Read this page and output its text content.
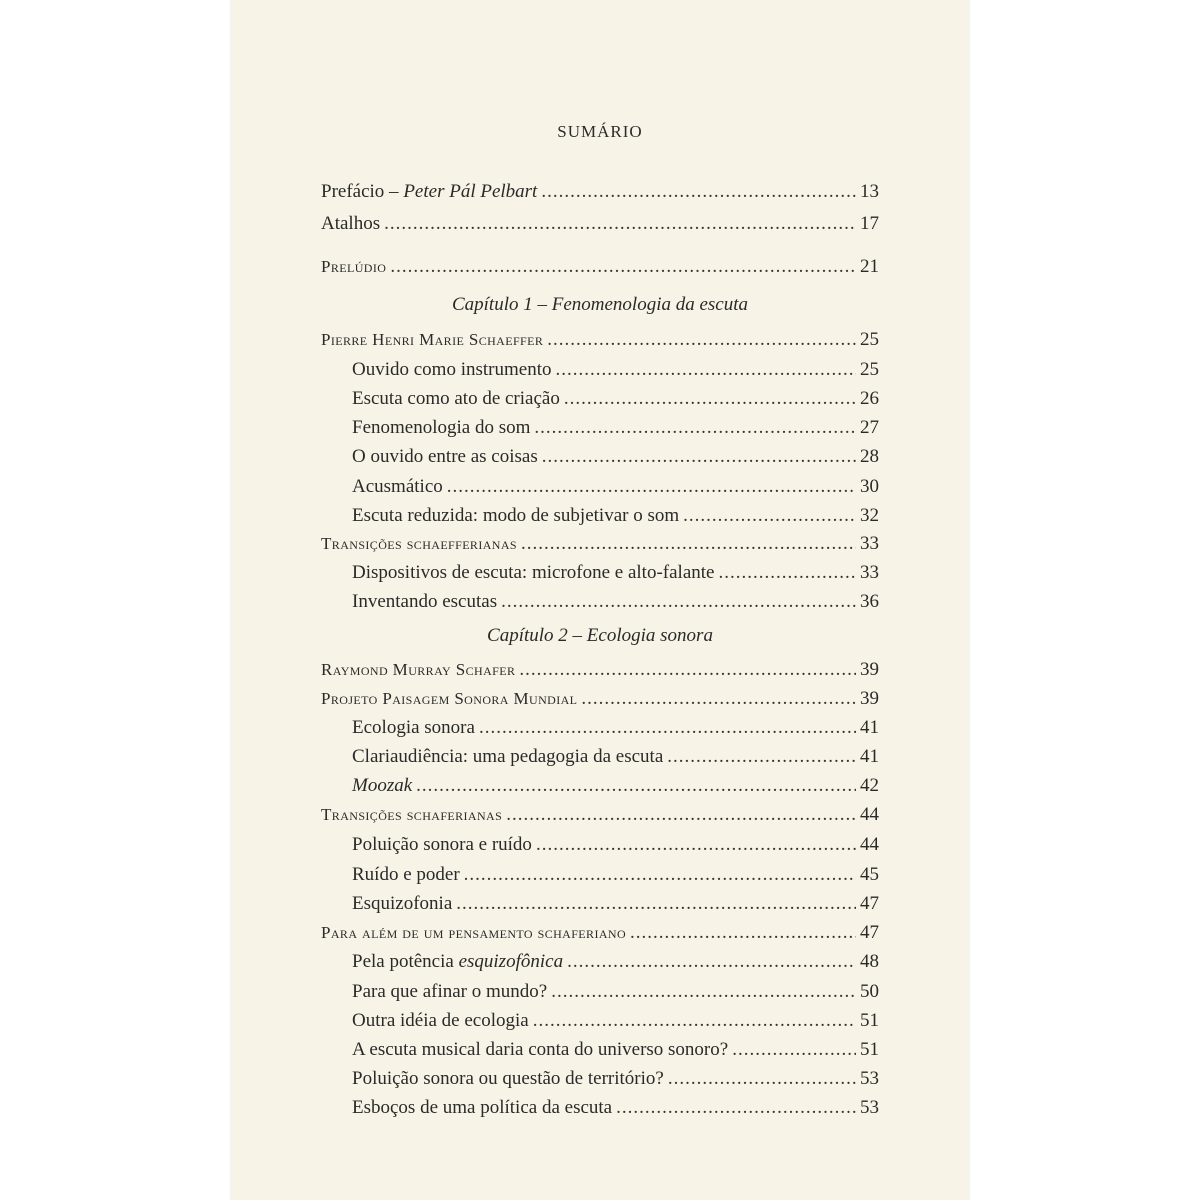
SUMÁRIO
Prefácio – Peter Pál Pelbart .....	13
Atalhos .....	17
Prelúdio .....	21
Capítulo 1 – Fenomenologia da escuta
Pierre Henri Marie Schaeffer .....	25
Ouvido como instrumento .....	25
Escuta como ato de criação .....	26
Fenomenologia do som .....	27
O ouvido entre as coisas .....	28
Acusmático .....	30
Escuta reduzida: modo de subjetivar o som .....	32
Transições schaefferianas .....	33
Dispositivos de escuta: microfone e alto-falante .....	33
Inventando escutas .....	36
Capítulo 2 – Ecologia sonora
Raymond Murray Schafer .....	39
Projeto Paisagem Sonora Mundial .....	39
Ecologia sonora .....	41
Clariaudiência: uma pedagogia da escuta .....	41
Moozak .....	42
Transições schaferianas .....	44
Poluição sonora e ruído .....	44
Ruído e poder .....	45
Esquizofonia .....	47
Para além de um pensamento schaferiano .....	47
Pela potência esquizofônica .....	48
Para que afinar o mundo? .....	50
Outra idéia de ecologia .....	51
A escuta musical daria conta do universo sonoro? .....	51
Poluição sonora ou questão de território? .....	53
Esboços de uma política da escuta .....	53
